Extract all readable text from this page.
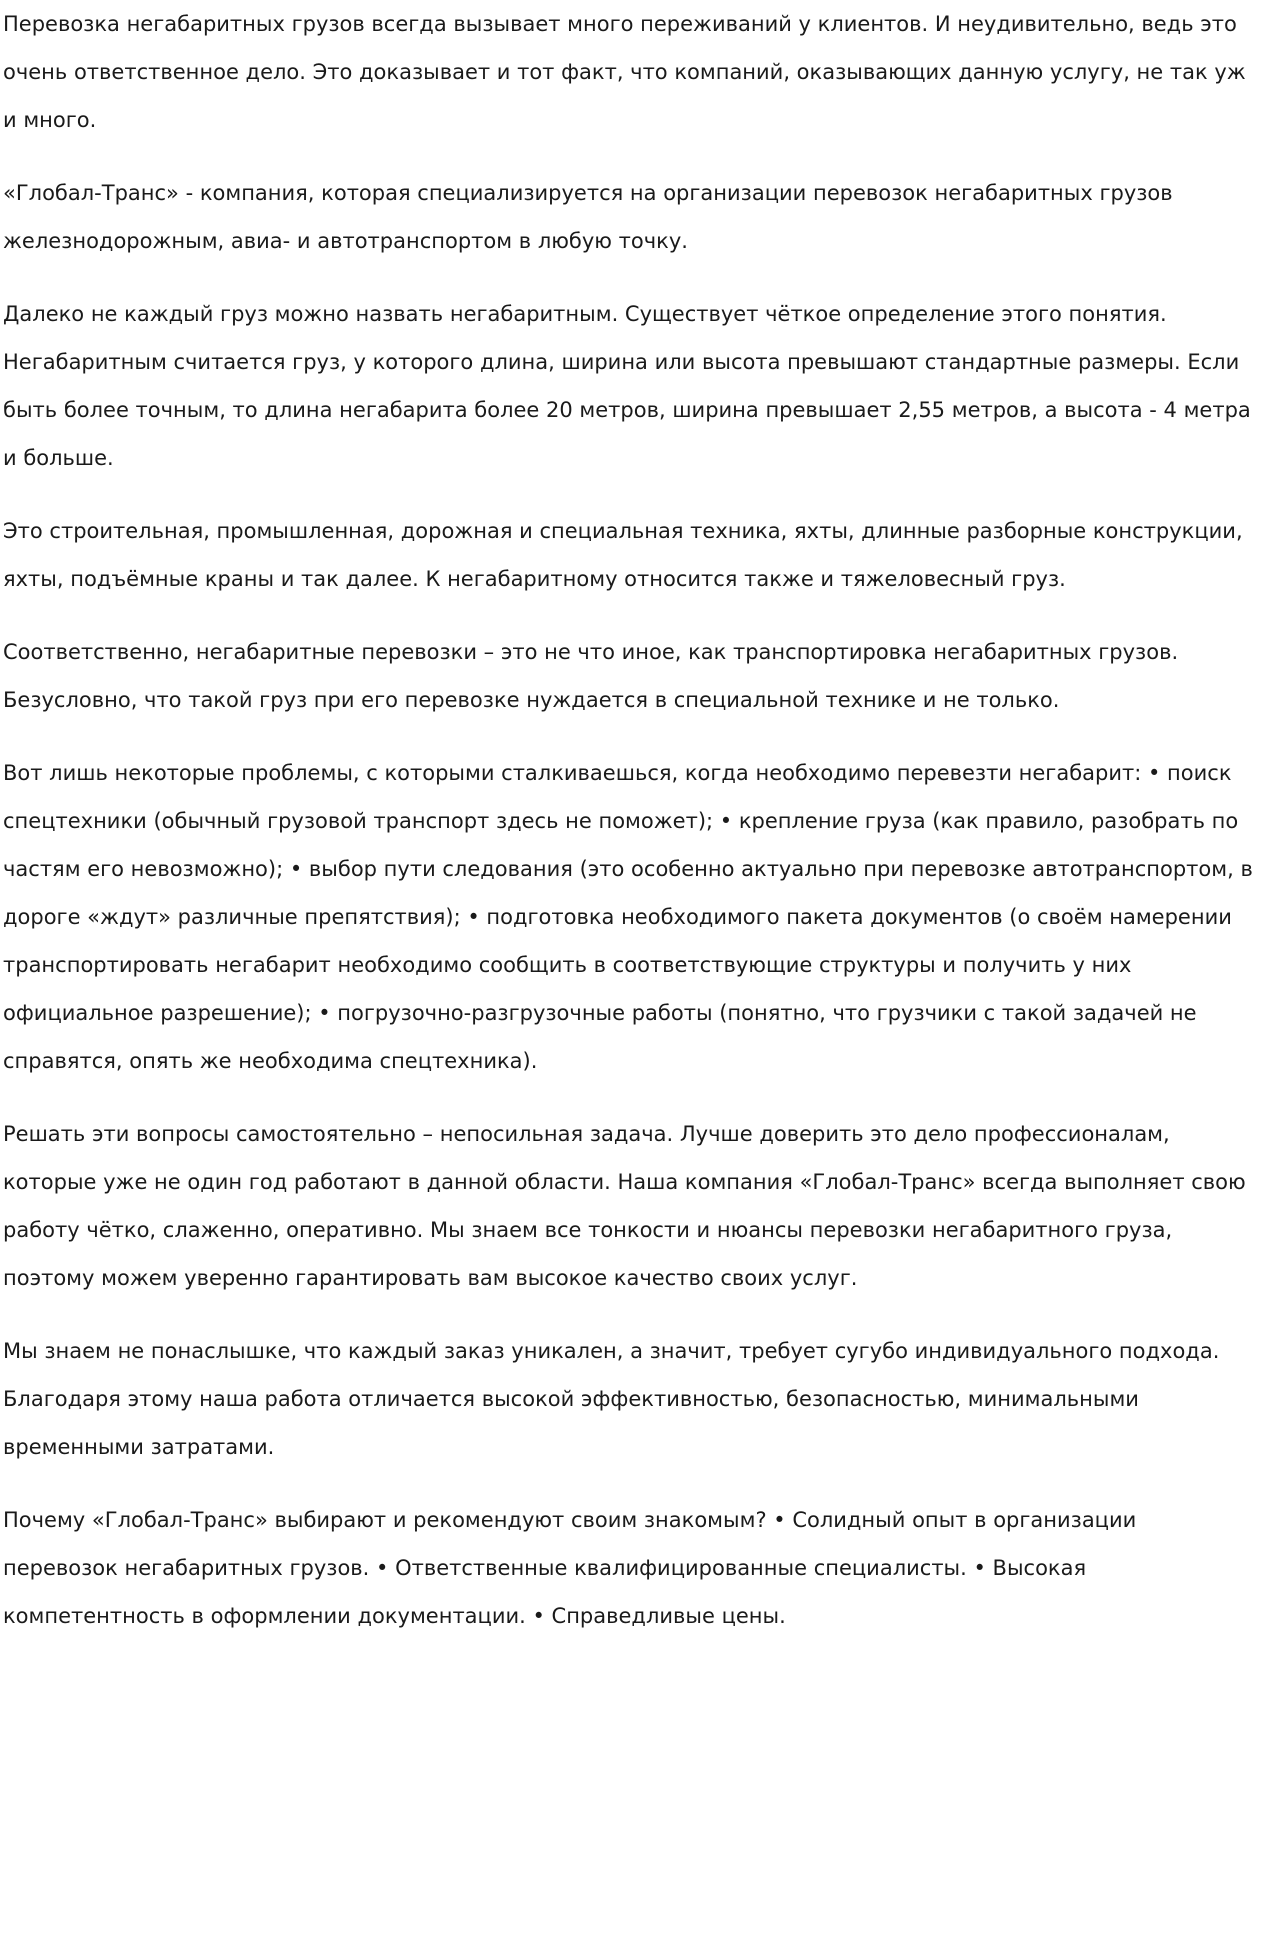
Перевозка негабаритных грузов всегда вызывает много переживаний у клиентов. И неудивительно, ведь это очень ответственное дело. Это доказывает и тот факт, что компаний, оказывающих данную услугу, не так уж и много.

«Глобал-Транс» - компания, которая специализируется на организации перевозок негабаритных грузов железнодорожным, авиа- и автотранспортом в любую точку.

Далеко не каждый груз можно назвать негабаритным. Существует чёткое определение этого понятия. Негабаритным считается груз, у которого длина, ширина или высота превышают стандартные размеры. Если быть более точным, то длина негабарита более 20 метров, ширина превышает 2,55 метров, а высота - 4 метра и больше.

Это строительная, промышленная, дорожная и специальная техника, яхты, длинные разборные конструкции, яхты, подъёмные краны и так далее. К негабаритному относится также и тяжеловесный груз.

Соответственно, негабаритные перевозки – это не что иное, как транспортировка негабаритных грузов. Безусловно, что такой груз при его перевозке нуждается в специальной технике и не только.

Вот лишь некоторые проблемы, с которыми сталкиваешься, когда необходимо перевезти негабарит: • поиск спецтехники (обычный грузовой транспорт здесь не поможет); • крепление груза (как правило, разобрать по частям его невозможно); • выбор пути следования (это особенно актуально при перевозке автотранспортом, в дороге «ждут» различные препятствия); • подготовка необходимого пакета документов (о своём намерении транспортировать негабарит необходимо сообщить в соответствующие структуры и получить у них официальное разрешение); • погрузочно-разгрузочные работы (понятно, что грузчики с такой задачей не справятся, опять же необходима спецтехника).

Решать эти вопросы самостоятельно – непосильная задача. Лучше доверить это дело профессионалам, которые уже не один год работают в данной области. Наша компания «Глобал-Транс» всегда выполняет свою работу чётко, слаженно, оперативно. Мы знаем все тонкости и нюансы перевозки негабаритного груза, поэтому можем уверенно гарантировать вам высокое качество своих услуг.

Мы знаем не понаслышке, что каждый заказ уникален, а значит, требует сугубо индивидуального подхода. Благодаря этому наша работа отличается высокой эффективностью, безопасностью, минимальными временными затратами.

Почему «Глобал-Транс» выбирают и рекомендуют своим знакомым? • Солидный опыт в организации перевозок негабаритных грузов. • Ответственные квалифицированные специалисты. • Высокая компетентность в оформлении документации. • Справедливые цены.
